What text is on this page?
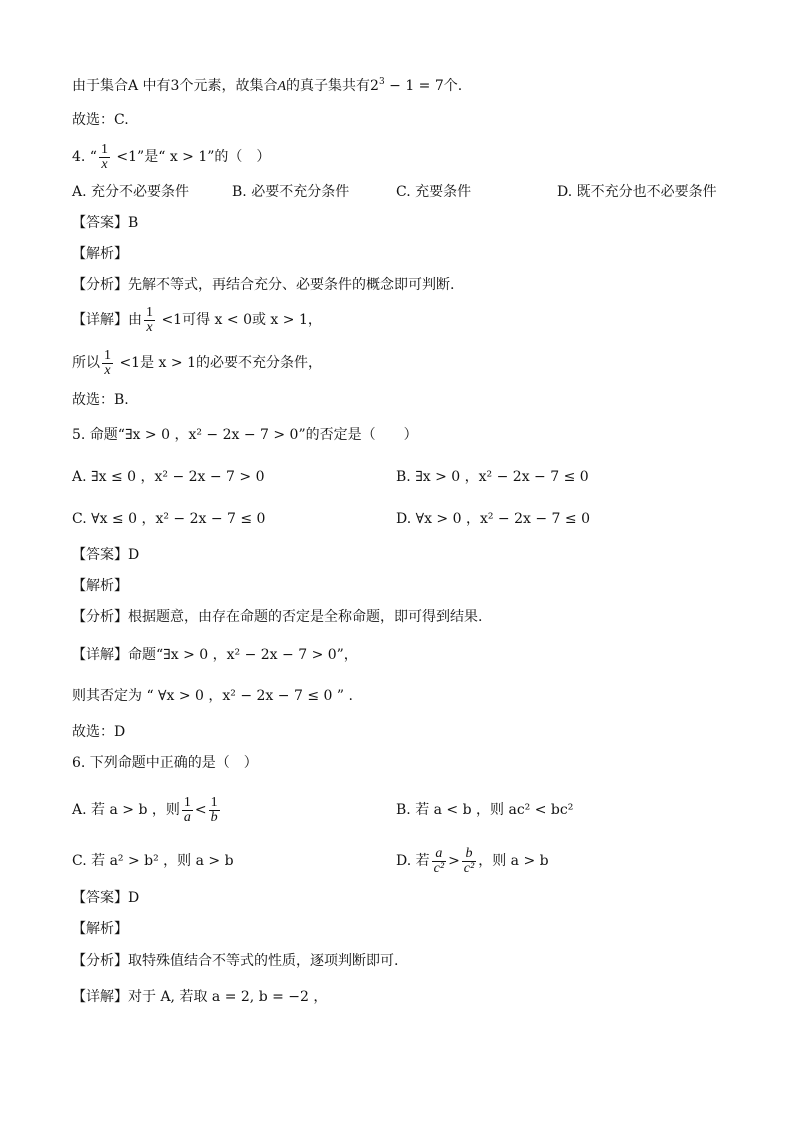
由于集合A 中有3个元素，故集合A的真子集共有$2^3 - 1 = 7$个.
故选：C.
4. “ $\frac{1}{x} <1$”是“ x > 1”的（　）
A. 充分不必要条件	B. 必要不充分条件	C. 充要条件	D. 既不充分也不必要条件
【答案】B
【解析】
【分析】先解不等式，再结合充分、必要条件的概念即可判断.
【详解】由 $\frac{1}{x} <1$可得 x < 0或 x > 1，
所以 $\frac{1}{x} <1$是 x > 1的必要不充分条件，
故选：B.
5. 命题“∃x > 0 ，x² − 2x − 7 > 0”的否定是（　　）
A. ∃x ≤ 0 ，x² − 2x − 7 > 0	B. ∃x > 0 ，x² − 2x − 7 ≤ 0
C. ∀x ≤ 0 ，x² − 2x − 7 ≤ 0	D. ∀x > 0 ，x² − 2x − 7 ≤ 0
【答案】D
【解析】
【分析】根据题意，由存在命题的否定是全称命题，即可得到结果.
【详解】命题“∃x > 0 ，x² − 2x − 7 > 0”，
则其否定为 “ ∀x > 0 ，x² − 2x − 7 ≤ 0 ” .
故选：D
6. 下列命题中正确的是（　）
A. 若 a > b ，则 $\frac{1}{a} < \frac{1}{b}$	B. 若 a < b ，则 ac² < bc²
C. 若 a² > b² ，则 a > b	D. 若 $\frac{a}{\text{c²}} > \frac{b}{\text{c²}}$ ，则 a > b
【答案】D
【解析】
【分析】取特殊值结合不等式的性质，逐项判断即可.
【详解】对于 A, 若取 a = 2, b = −2 ，
